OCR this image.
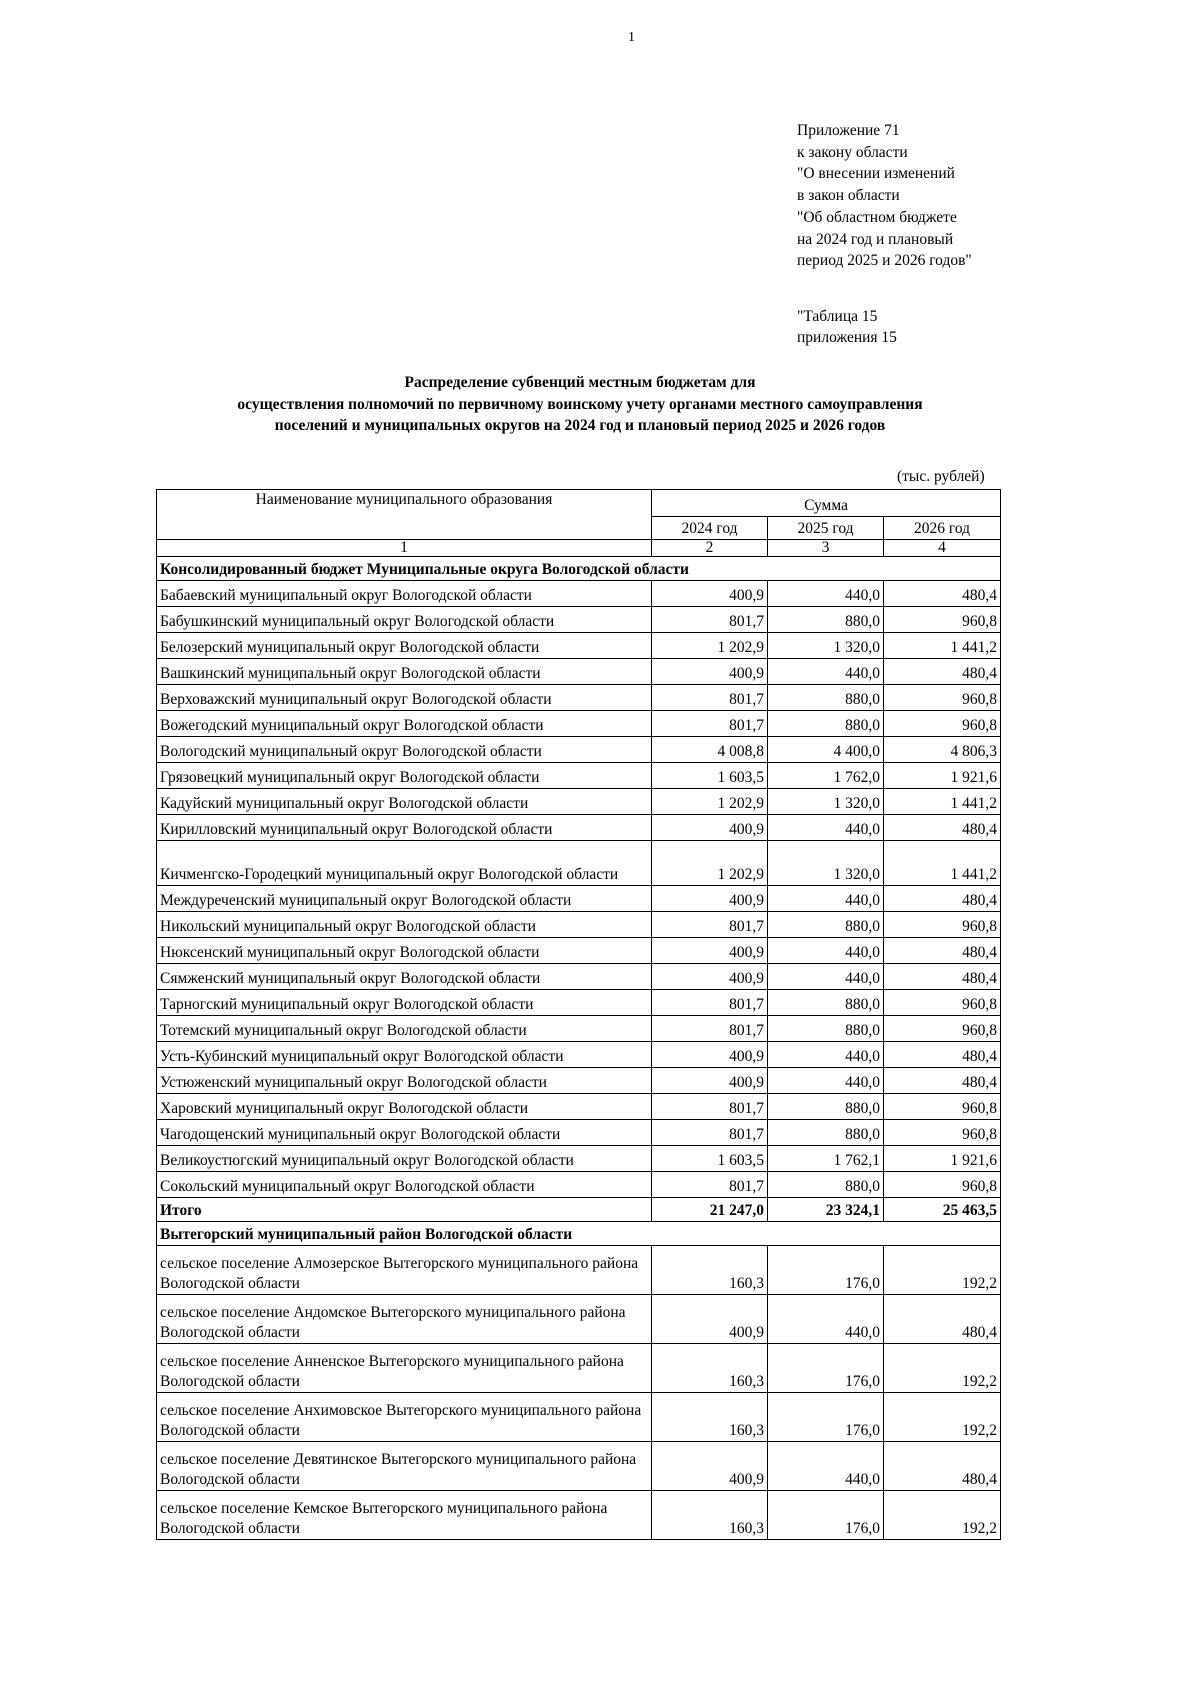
1
Приложение 71
к закону области
"О внесении изменений
в закон области
"Об областном бюджете
на 2024 год и плановый
период 2025 и 2026 годов"
"Таблица 15
приложения 15
Распределение субвенций местным бюджетам для
осуществления полномочий по первичному воинскому учету органами местного самоуправления
поселений и муниципальных округов на 2024 год и плановый период 2025 и 2026 годов
(тыс. рублей)
Наименование муниципального образования	Сумма		
	2024 год	2025 год	2026 год
1	2	3	4
Консолидированный бюджет Муниципальные округа Вологодской области			
Бабаевский муниципальный округ Вологодской области	400,9	440,0	480,4
Бабушкинский муниципальный округ Вологодской области	801,7	880,0	960,8
Белозерский муниципальный округ Вологодской области	1 202,9	1 320,0	1 441,2
Вашкинский муниципальный округ Вологодской области	400,9	440,0	480,4
Верховажский муниципальный округ Вологодской области	801,7	880,0	960,8
Вожегодский муниципальный округ Вологодской области	801,7	880,0	960,8
Вологодский муниципальный округ Вологодской области	4 008,8	4 400,0	4 806,3
Грязовецкий муниципальный округ Вологодской области	1 603,5	1 762,0	1 921,6
Кадуйский муниципальный округ Вологодской области	1 202,9	1 320,0	1 441,2
Кирилловский муниципальный округ Вологодской области	400,9	440,0	480,4
Кичменгско-Городецкий муниципальный округ Вологодской области	1 202,9	1 320,0	1 441,2
Междуреченский муниципальный округ Вологодской области	400,9	440,0	480,4
Никольский муниципальный округ Вологодской области	801,7	880,0	960,8
Нюксенский муниципальный округ Вологодской области	400,9	440,0	480,4
Сямженский муниципальный округ Вологодской области	400,9	440,0	480,4
Тарногский муниципальный округ Вологодской области	801,7	880,0	960,8
Тотемский муниципальный округ Вологодской области	801,7	880,0	960,8
Усть-Кубинский муниципальный округ Вологодской области	400,9	440,0	480,4
Устюженский муниципальный округ Вологодской области	400,9	440,0	480,4
Харовский муниципальный округ Вологодской области	801,7	880,0	960,8
Чагодощенский муниципальный округ Вологодской области	801,7	880,0	960,8
Великоустюгский муниципальный округ Вологодской области	1 603,5	1 762,1	1 921,6
Сокольский муниципальный округ Вологодской области	801,7	880,0	960,8
Итого	21 247,0	23 324,1	25 463,5
Вытегорский муниципальный район Вологодской области			
сельское поселение Алмозерское Вытегорского муниципального района Вологодской области	160,3	176,0	192,2
сельское поселение Андомское Вытегорского муниципального района Вологодской области	400,9	440,0	480,4
сельское поселение Анненское Вытегорского муниципального района Вологодской области	160,3	176,0	192,2
сельское поселение Анхимовское Вытегорского муниципального района Вологодской области	160,3	176,0	192,2
сельское поселение Девятинское Вытегорского муниципального района Вологодской области	400,9	440,0	480,4
сельское поселение Кемское Вытегорского муниципального района Вологодской области	160,3	176,0	192,2
